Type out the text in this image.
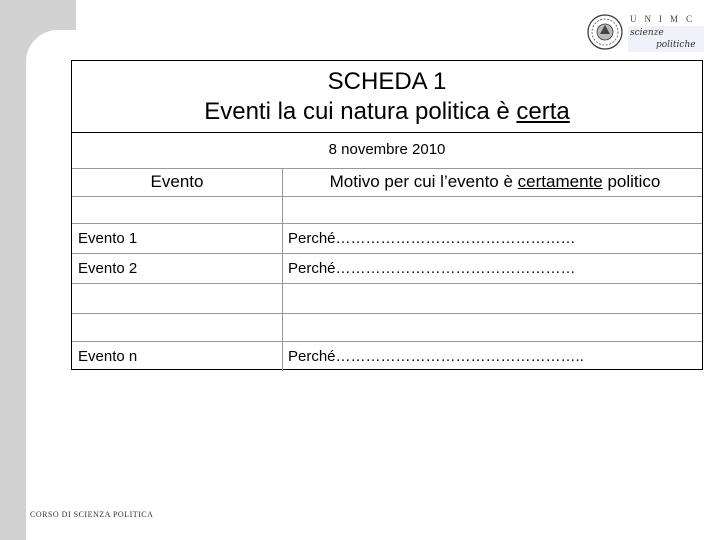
UNIMC
scienze
politiche
SCHEDA 1
Eventi la cui natura politica è certa
8 novembre 2010
Evento	Motivo per cui l’evento è certamente politico
Evento 1	Perché…………………………………………
Evento 2	Perché…………………………………………
Evento n	Perché…………………………………………..
CORSO DI SCIENZA POLITICA
